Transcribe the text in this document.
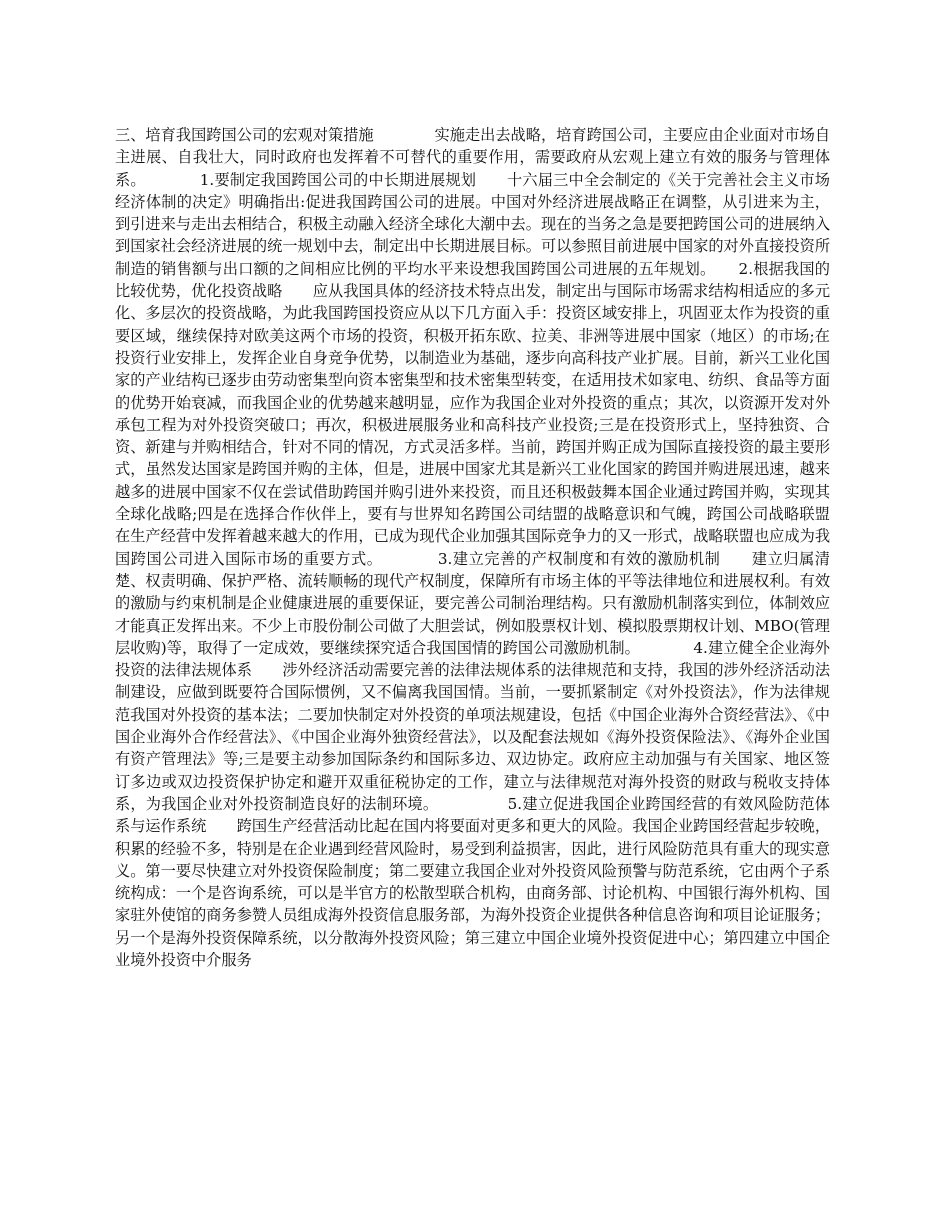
三、培育我国跨国公司的宏观对策措施　　　　实施走出去战略，培育跨国公司，主要应由企业面对市场自主进展、自我壮大，同时政府也发挥着不可替代的重要作用，需要政府从宏观上建立有效的服务与管理体系。　　　　1.要制定我国跨国公司的中长期进展规划　　十六届三中全会制定的《关于完善社会主义市场经济体制的决定》明确指出:促进我国跨国公司的进展。中国对外经济进展战略正在调整，从引进来为主，到引进来与走出去相结合，积极主动融入经济全球化大潮中去。现在的当务之急是要把跨国公司的进展纳入到国家社会经济进展的统一规划中去，制定出中长期进展目标。可以参照目前进展中国家的对外直接投资所制造的销售额与出口额的之间相应比例的平均水平来设想我国跨国公司进展的五年规划。　　2.根据我国的比较优势，优化投资战略　　应从我国具体的经济技术特点出发，制定出与国际市场需求结构相适应的多元化、多层次的投资战略，为此我国跨国投资应从以下几方面入手：投资区域安排上，巩固亚太作为投资的重要区域，继续保持对欧美这两个市场的投资，积极开拓东欧、拉美、非洲等进展中国家（地区）的市场;在投资行业安排上，发挥企业自身竞争优势，以制造业为基础，逐步向高科技产业扩展。目前，新兴工业化国家的产业结构已逐步由劳动密集型向资本密集型和技术密集型转变，在适用技术如家电、纺织、食品等方面的优势开始衰减，而我国企业的优势越来越明显，应作为我国企业对外投资的重点；其次，以资源开发对外承包工程为对外投资突破口；再次，积极进展服务业和高科技产业投资;三是在投资形式上，坚持独资、合资、新建与并购相结合，针对不同的情况，方式灵活多样。当前，跨国并购正成为国际直接投资的最主要形式，虽然发达国家是跨国并购的主体，但是，进展中国家尤其是新兴工业化国家的跨国并购进展迅速，越来越多的进展中国家不仅在尝试借助跨国并购引进外来投资，而且还积极鼓舞本国企业通过跨国并购，实现其全球化战略;四是在选择合作伙伴上，要有与世界知名跨国公司结盟的战略意识和气魄，跨国公司战略联盟在生产经营中发挥着越来越大的作用，已成为现代企业加强其国际竞争力的又一形式，战略联盟也应成为我国跨国公司进入国际市场的重要方式。　　　　3.建立完善的产权制度和有效的激励机制　　建立归属清楚、权责明确、保护严格、流转顺畅的现代产权制度，保障所有市场主体的平等法律地位和进展权利。有效的激励与约束机制是企业健康进展的重要保证，要完善公司制治理结构。只有激励机制落实到位，体制效应才能真正发挥出来。不少上市股份制公司做了大胆尝试，例如股票权计划、模拟股票期权计划、MBO(管理层收购)等，取得了一定成效，要继续探究适合我国国情的跨国公司激励机制。　　　　4.建立健全企业海外投资的法律法规体系　　涉外经济活动需要完善的法律法规体系的法律规范和支持，我国的涉外经济活动法制建设，应做到既要符合国际惯例，又不偏离我国国情。当前，一要抓紧制定《对外投资法》，作为法律规范我国对外投资的基本法；二要加快制定对外投资的单项法规建设，包括《中国企业海外合资经营法》、《中国企业海外合作经营法》、《中国企业海外独资经营法》，以及配套法规如《海外投资保险法》、《海外企业国有资产管理法》等;三是要主动参加国际条约和国际多边、双边协定。政府应主动加强与有关国家、地区签订多边或双边投资保护协定和避开双重征税协定的工作，建立与法律规范对海外投资的财政与税收支持体系，为我国企业对外投资制造良好的法制环境。　　　　　5.建立促进我国企业跨国经营的有效风险防范体系与运作系统　　跨国生产经营活动比起在国内将要面对更多和更大的风险。我国企业跨国经营起步较晚，积累的经验不多，特别是在企业遇到经营风险时，易受到利益损害，因此，进行风险防范具有重大的现实意义。第一要尽快建立对外投资保险制度；第二要建立我国企业对外投资风险预警与防范系统，它由两个子系统构成：一个是咨询系统，可以是半官方的松散型联合机构，由商务部、讨论机构、中国银行海外机构、国家驻外使馆的商务参赞人员组成海外投资信息服务部，为海外投资企业提供各种信息咨询和项目论证服务；另一个是海外投资保障系统，以分散海外投资风险；第三建立中国企业境外投资促进中心；第四建立中国企业境外投资中介服务
